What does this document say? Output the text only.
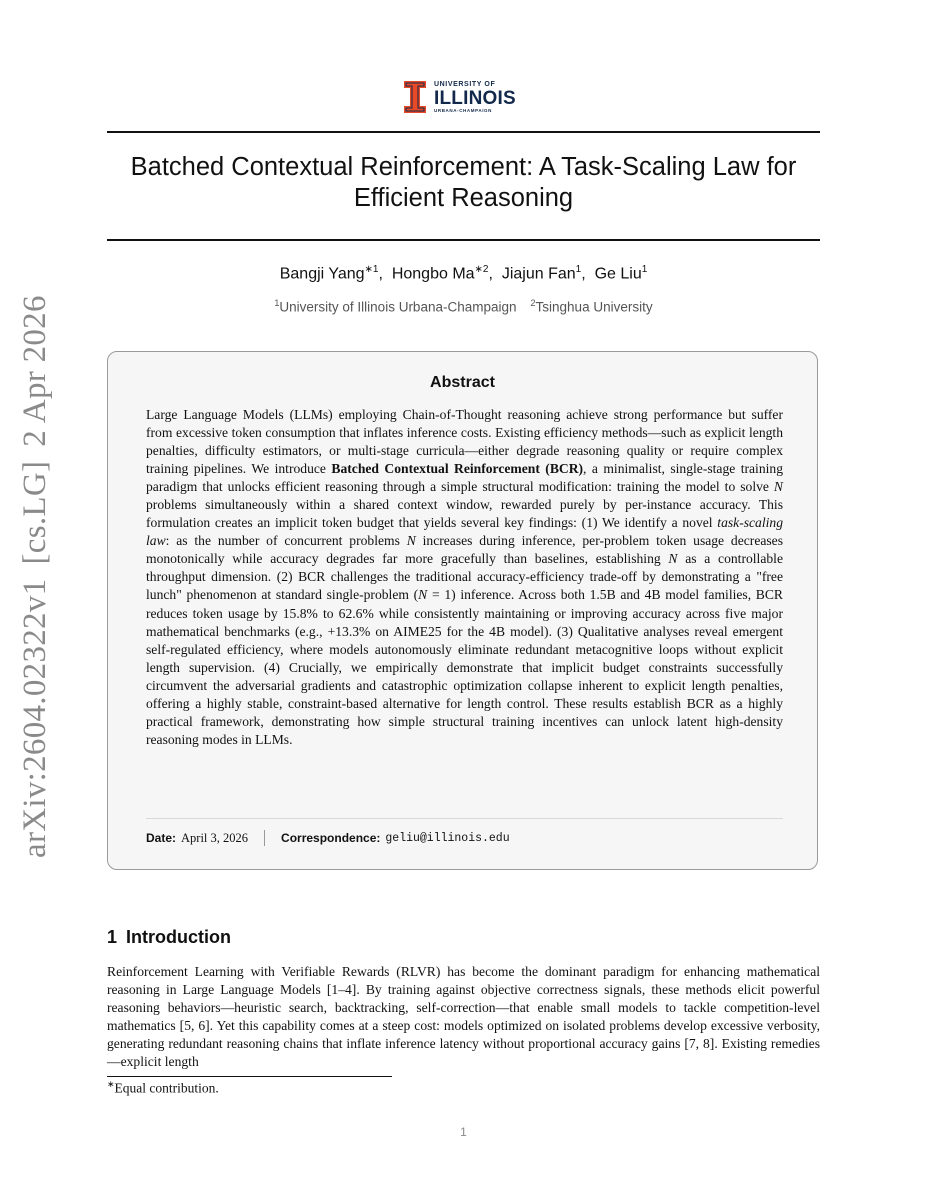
arXiv:2604.02322v1[cs.LG]2 Apr 2026
UNIVERSITY OF
ILLINOIS
URBANA-CHAMPAIGN
Batched Contextual Reinforcement: A Task-Scaling Law for Efficient Reasoning
Bangji Yang$^{∗1}$,  Hongbo $Ma^{∗2}$,  Jiajun Fan$^1$,  Ge Liu$^1$
$^1$University of Illinois Urbana-Champaign $^2$Tsinghua University
Abstract
Large Language Models (LLMs) employing Chain-of-Thought reasoning achieve strong performance but suffer from excessive token consumption that inflates inference costs. Existing efficiency methods—such as explicit length penalties, difficulty estimators, or multi-stage curricula—either degrade reasoning quality or require complex training pipelines. We introduce Batched Contextual Reinforcement (BCR), a minimalist, single-stage training paradigm that unlocks efficient reasoning through a simple structural modification: training the model to solve N problems simultaneously within a shared context window, rewarded purely by per-instance accuracy. This formulation creates an implicit token budget that yields several key findings: (1) We identify a novel task-scaling law: as the number of concurrent problems N increases during inference, per-problem token usage decreases monotonically while accuracy degrades far more gracefully than baselines, establishing N as a controllable throughput dimension. (2) BCR challenges the traditional accuracy-efficiency trade-off by demonstrating a "free lunch" phenomenon at standard single-problem (N = 1) inference. Across both 1.5B and 4B model families, BCR reduces token usage by 15.8% to 62.6% while consistently maintaining or improving accuracy across five major mathematical benchmarks (e.g., +13.3% on AIME25 for the 4B model). (3) Qualitative analyses reveal emergent self-regulated efficiency, where models autonomously eliminate redundant metacognitive loops without explicit length supervision. (4) Crucially, we empirically demonstrate that implicit budget constraints successfully circumvent the adversarial gradients and catastrophic optimization collapse inherent to explicit length penalties, offering a highly stable, constraint-based alternative for length control. These results establish BCR as a highly practical framework, demonstrating how simple structural training incentives can unlock latent high-density reasoning modes in LLMs.
Date: April 3, 2026	Correspondence: geliu@illinois.edu
1 Introduction
Reinforcement Learning with Verifiable Rewards (RLVR) has become the dominant paradigm for enhancing mathematical reasoning in Large Language Models [1–4]. By training against objective correctness signals, these methods elicit powerful reasoning behaviors—heuristic search, backtracking, self-correction—that enable small models to tackle competition-level mathematics [5, 6]. Yet this capability comes at a steep cost: models optimized on isolated problems develop excessive verbosity, generating redundant reasoning chains that inflate inference latency without proportional accuracy gains [7, 8]. Existing remedies—explicit length
∗Equal contribution.
1
